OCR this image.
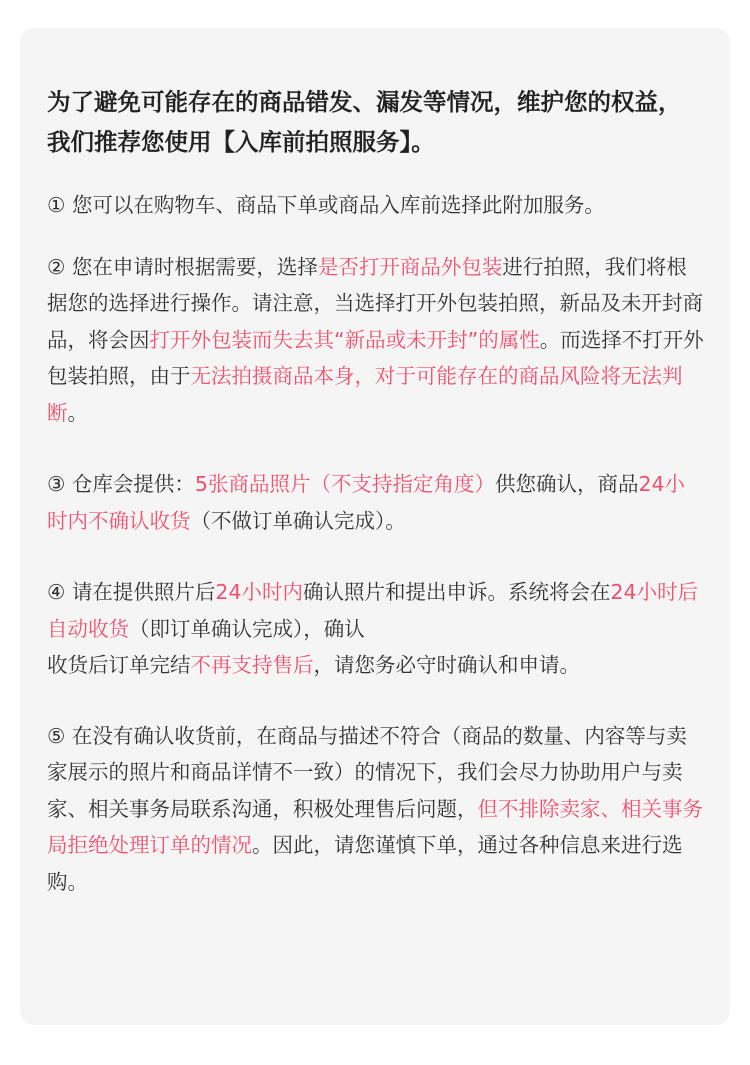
为了避免可能存在的商品错发、漏发等情况，维护您的权益，我们推荐您使用【入库前拍照服务】。

① 您可以在购物车、商品下单或商品入库前选择此附加服务。

② 您在申请时根据需要，选择是否打开商品外包装进行拍照，我们将根据您的选择进行操作。请注意，当选择打开外包装拍照，新品及未开封商品，将会因打开外包装而失去其“新品或未开封”的属性。而选择不打开外包装拍照，由于无法拍摄商品本身，对于可能存在的商品风险将无法判断。

③ 仓库会提供：5张商品照片（不支持指定角度）供您确认，商品24小时内不确认收货（不做订单确认完成）。

④ 请在提供照片后24小时内确认照片和提出申诉。系统将会在24小时后自动收货（即订单确认完成），确认
收货后订单完结不再支持售后，请您务必守时确认和申请。

⑤ 在没有确认收货前，在商品与描述不符合（商品的数量、内容等与卖家展示的照片和商品详情不一致）的情况下，我们会尽力协助用户与卖家、相关事务局联系沟通，积极处理售后问题，但不排除卖家、相关事务局拒绝处理订单的情况。因此，请您谨慎下单，通过各种信息来进行选购。
